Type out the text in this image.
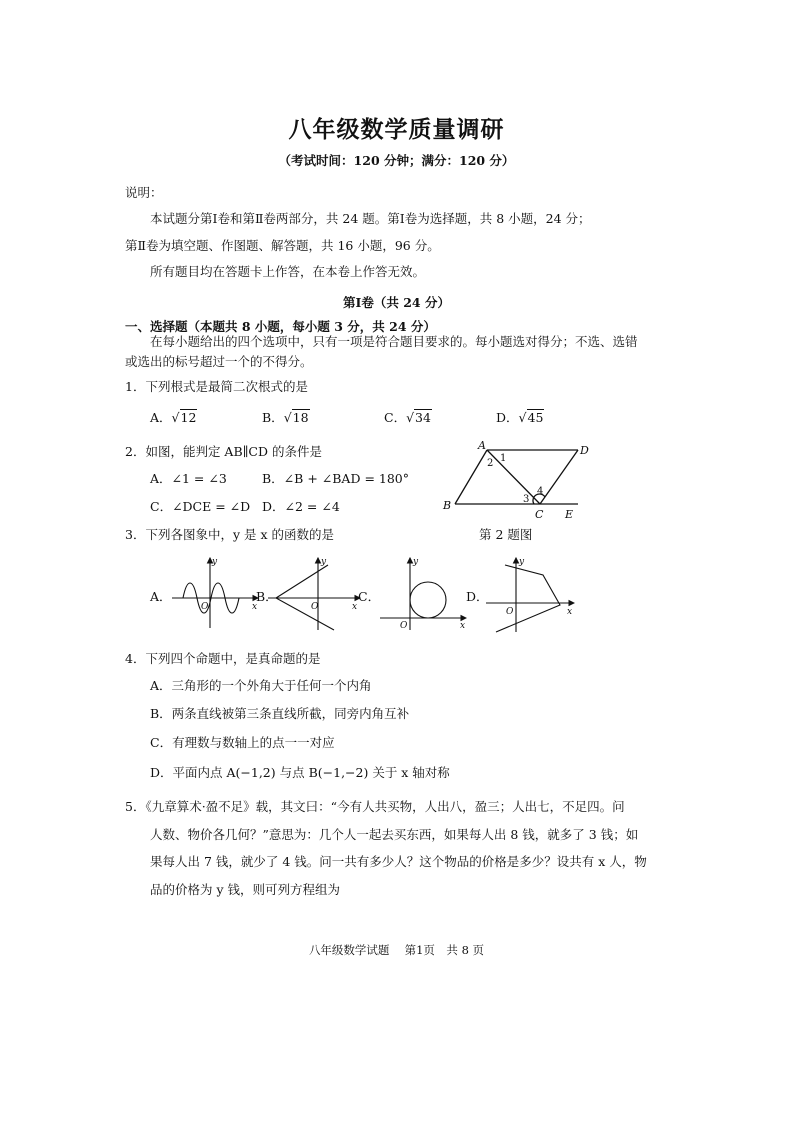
八年级数学质量调研
（考试时间：120 分钟；满分：120 分）
说明：
本试题分第Ⅰ卷和第Ⅱ卷两部分，共 24 题。第Ⅰ卷为选择题，共 8 小题，24 分；
第Ⅱ卷为填空题、作图题、解答题，共 16 小题，96 分。
所有题目均在答题卡上作答，在本卷上作答无效。
第Ⅰ卷（共 24 分）
一、选择题（本题共 8 小题，每小题 3 分，共 24 分）
在每小题给出的四个选项中，只有一项是符合题目要求的。每小题选对得分；不选、选错
或选出的标号超过一个的不得分。
1．下列根式是最简二次根式的是
A．√12	B．√18	C．√34	D．√45
2．如图，能判定 AB∥CD 的条件是
A．∠1 = ∠3	B．∠B + ∠BAD = 180°
C．∠DCE = ∠D D．∠2 = ∠4
A	D
B
C E
1
2
3
4
第 2 题图
3．下列各图象中，y 是 x 的函数的是
A．	B．	C．	D．
x
y
O	x
y
O
x
y
O
x
y
O
4．下列四个命题中，是真命题的是
A．三角形的一个外角大于任何一个内角
B．两条直线被第三条直线所截，同旁内角互补
C．有理数与数轴上的点一一对应
D．平面内点 A(−1,2) 与点 B(−1,−2) 关于 x 轴对称
5．《九章算术·盈不足》载，其文曰：“今有人共买物，人出八，盈三；人出七，不足四。问
人数、物价各几何？”意思为：几个人一起去买东西，如果每人出 8 钱，就多了 3 钱；如
果每人出 7 钱，就少了 4 钱。问一共有多少人？这个物品的价格是多少？设共有 x 人，物
品的价格为 y 钱，则可列方程组为
八年级数学试题　 第1页　共 8 页
